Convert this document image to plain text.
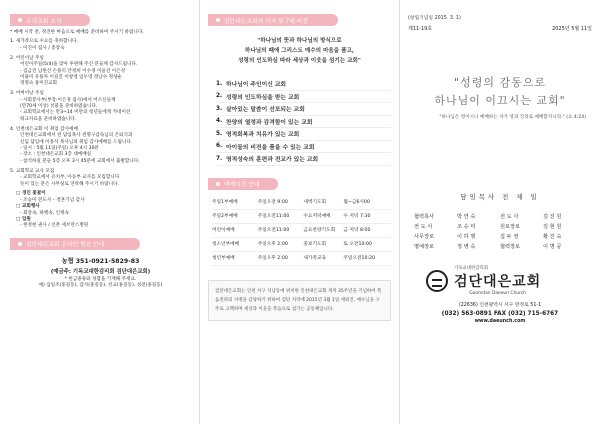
우리교회 소식
* 예배 시작 전, 정진한 마음으로 예배를 준비하여 주시기 바랍니다.
1. 새가족으로 수요를 축하합니다.
- 이진이 집사 / 총장숙
2. 어린이날 주일
어린이주일(5/4)을 맞아 후원해 주신 분들께 감사드립니다.
- 김금진 남원신 손용익 안정희 이수경 이윤진 이은경
이용미 유용자 이길진 이창영 임두영 정남수 정성순
정명숙 홍미진교회
3. 어버이날 주일
- 사회봉사부(부장:이은경 집사)에서 어르신들께
(만70세 이상) 선물을 준비하였습니다.
- 교회학교에서는 만3~14 미만의 청년들에게 카네이션
워크자료을 준비하였습니다.
4. 인천대은교회 이 취임 감사예배
인천대은교회에서 전 담임목사 전명구감독님의 은퇴식과
신임 담임에 이종석 목사님의 취임 감사예배를 드립니다.
- 일시 : 5월 11일(주일) 오후 4시 30분
- 장소 : 인천대은교회 3층 대예배실
- 참석하실 분들 5층 오후 3시 45분에 교회에서 출발합니다.
5. 교회학교 교사 모집
- 교회학교에서 유치부, 아동부 교사를 모집합니다.
뜻이 있는 분은 사무실로 연락해 주시기 바랍니다.
□ 경인 꽃꽃이
- 조승미 전도사 – 결혼기념 감사
□ 교회행사
- 회장속, 하행속, 인재속
□ 입원
- 현정현 권사 / 신촌 세브란스병원
검단대은교회 온라인 헌금 안내
농협 351-0921-5829-83
(예금주: 기독교대한감리회 검단대은교회)
* 헌금종류와 성함을 기재해 주세요.
예) 십일조(홍길동), 감사(홍길동), 선교(홍길동), 성전(홍길동)
검단대은교회의 가치 및 7대 비전
"하나님의 뜻과 하나님의 방식으로
하나님의 때에 그리스도 예수의 마음을 품고,
성령의 인도하심 따라 세상과 이웃을 섬기는 교회"
1. 하나님이 주인이신 교회
2. 성령의 인도하심을 받는 교회
3. 살아있는 말씀이 선포되는 교회
4. 찬양의 열정과 감격함이 있는 교회
5. 영적회복과 치유가 있는 교회
6. 아이들의 비전을 품을 수 있는 교회
7. 영적성숙의 훈련과 전교가 있는 교회
예배시간 안내
주일1부예배	주일오전 9:00	새벽기도회	월~금6시00
주일2부예배	주일오전11:00	수요저녁예배	수 저녁 7:30
어린이예배	주일오전11:00	금요찬양기도회	금 저녁 8:00
청소년부예배	주일오후 2:00	중보기도회	토 오전10:00
청년부예배	주일오후 2:00	새가족교육	주일오전10:20
검단대은교회는 인천 서구 석남동에 위치한 인천대은교회 개척 35주년을 기념하여 복음전파의 사명을 감당하기 위하여 검단 지역에 2015년 3월 1일 세워진, 예수님을 구주로 고백하며 세상과 이웃을 복음으로 섬기는 공동체입니다.
(창립기념일 2015. 3. 1)
제11-19호	2025년 5월 11일
"성령의 감동으로
하나님이 이끄시는 교회"
"하나님은 영이시니 예배하는 자가 영과 진리로 예배할지니라." (요 4:24)
담임목사 전 제 일
협력목사	박 연 숙	전 도 사	김 진 원
전 도 사	조 승 미	원로장로	김 현 원
사무장로	이 하 행	집 두 영	황 진 숙
명예장로	정 병 숙	협력장로	이 명 공
기독교대한감리회
검단대은교회
Goomdan Daeeun Church
(22636) 인천광역시 서구 완정로 51-1
(032) 563-0891 FAX (032) 715-6767
www.daeunch.com
